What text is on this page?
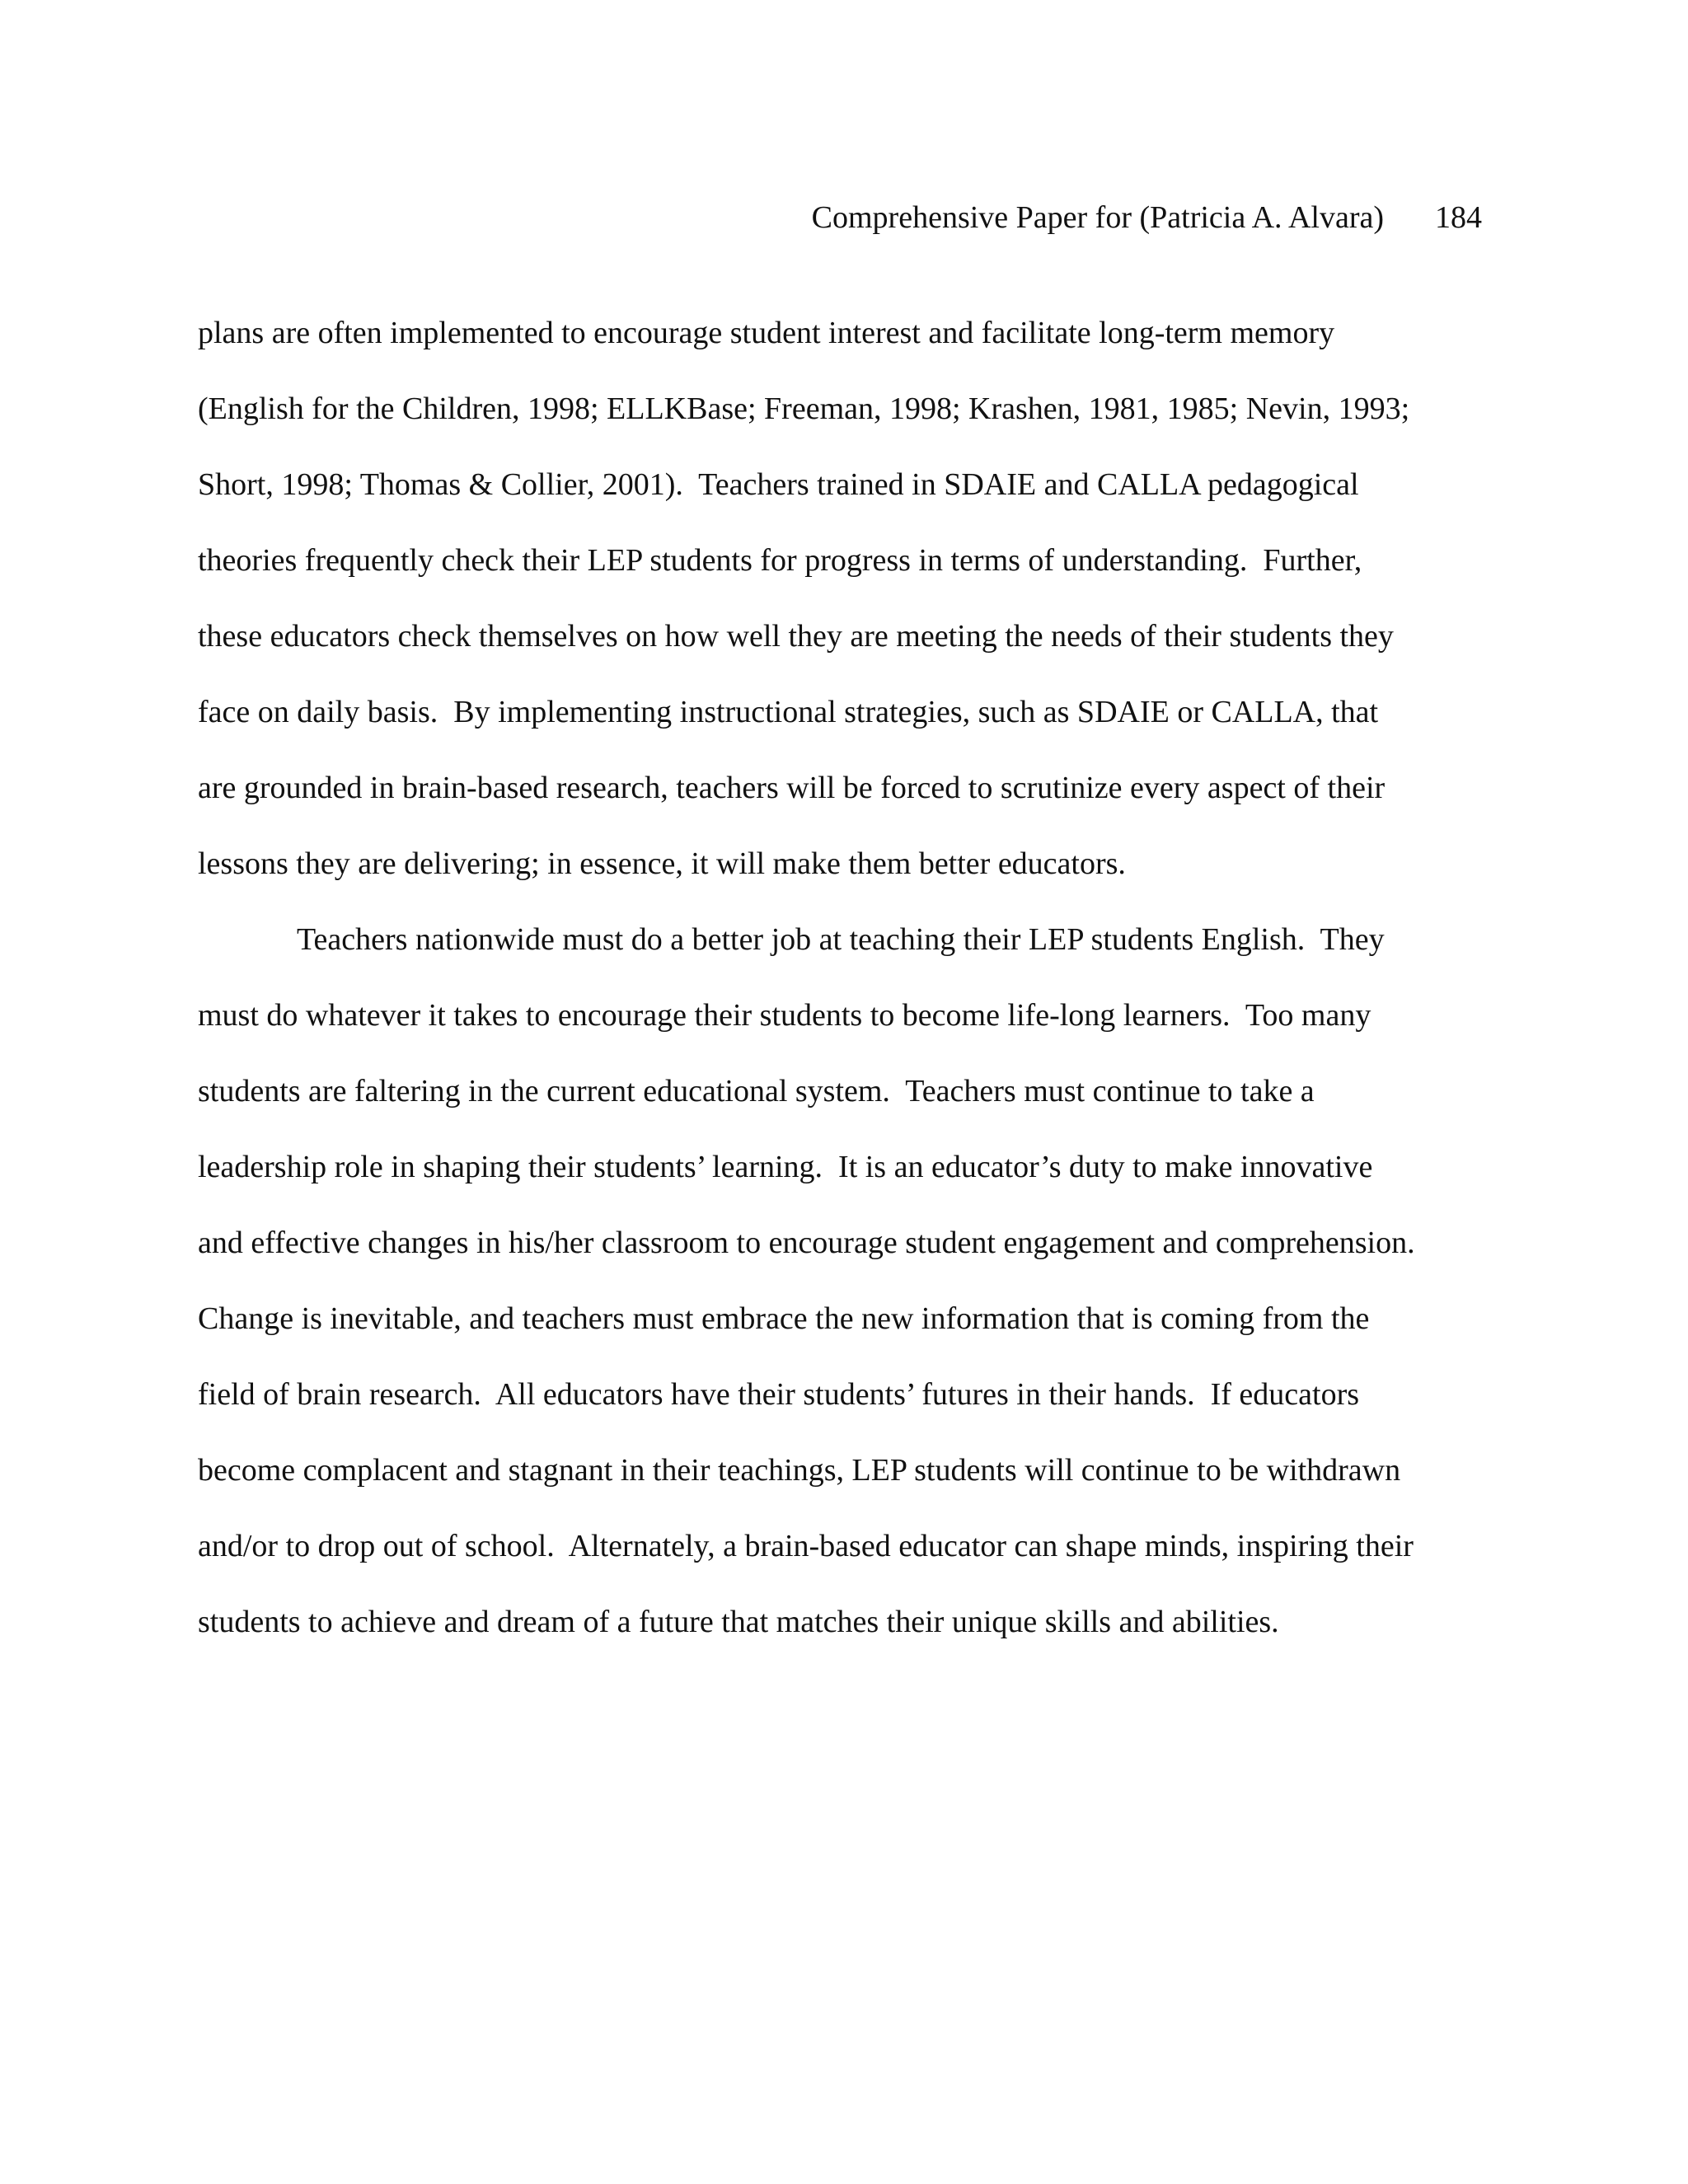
Comprehensive Paper for (Patricia A. Alvara) 184
plans are often implemented to encourage student interest and facilitate long-term memory
(English for the Children, 1998; ELLKBase; Freeman, 1998; Krashen, 1981, 1985; Nevin, 1993;
Short, 1998; Thomas & Collier, 2001).  Teachers trained in SDAIE and CALLA pedagogical
theories frequently check their LEP students for progress in terms of understanding.  Further,
these educators check themselves on how well they are meeting the needs of their students they
face on daily basis.  By implementing instructional strategies, such as SDAIE or CALLA, that
are grounded in brain-based research, teachers will be forced to scrutinize every aspect of their
lessons they are delivering; in essence, it will make them better educators.
Teachers nationwide must do a better job at teaching their LEP students English.  They
must do whatever it takes to encourage their students to become life-long learners.  Too many
students are faltering in the current educational system.  Teachers must continue to take a
leadership role in shaping their students’ learning.  It is an educator’s duty to make innovative
and effective changes in his/her classroom to encourage student engagement and comprehension.
Change is inevitable, and teachers must embrace the new information that is coming from the
field of brain research.  All educators have their students’ futures in their hands.  If educators
become complacent and stagnant in their teachings, LEP students will continue to be withdrawn
and/or to drop out of school.  Alternately, a brain-based educator can shape minds, inspiring their
students to achieve and dream of a future that matches their unique skills and abilities.
